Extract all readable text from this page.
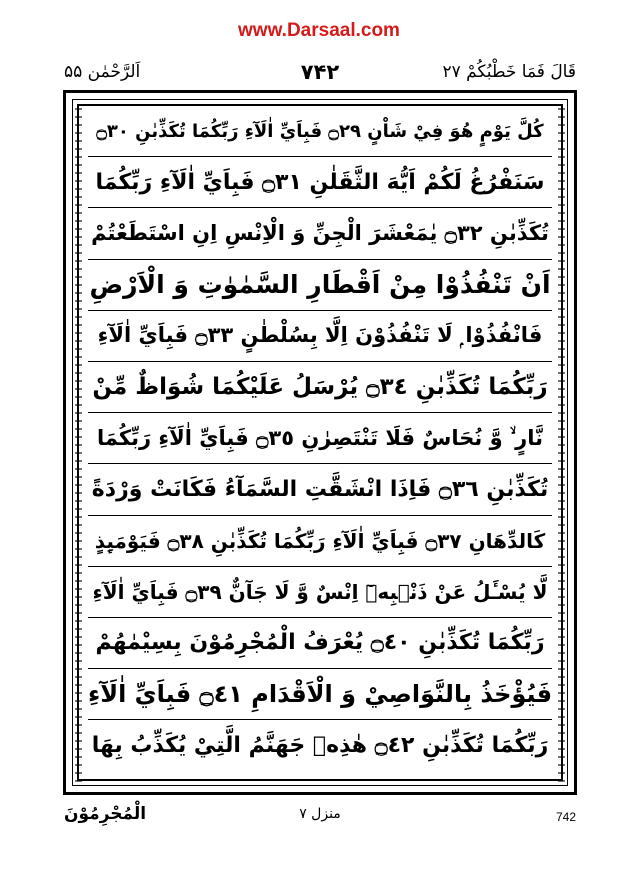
www.Darsaal.com
قَالَ فَمَا خَطْبُكُمْ ۲۷
۷۴۲
اَلرَّحْمٰن ۵۵
كُلَّ يَوْمٍ هُوَ فِيْ شَاْنٍ ۝٢٩ فَبِاَيِّ اٰلَآءِ رَبِّكُمَا تُكَذِّبٰنِ ۝٣٠
سَنَفْرُغُ لَكُمْ اَيُّهَ الثَّقَلٰنِ ۝٣١ فَبِاَيِّ اٰلَآءِ رَبِّكُمَا
تُكَذِّبٰنِ ۝٣٢ يٰمَعْشَرَ الْجِنِّ وَ الْاِنْسِ اِنِ اسْتَطَعْتُمْ
اَنْ تَنْفُذُوْا مِنْ اَقْطَارِ السَّمٰوٰتِ وَ الْاَرْضِ
فَانْفُذُوْا ۭ لَا تَنْفُذُوْنَ اِلَّا بِسُلْطٰنٍ ۝٣٣ فَبِاَيِّ اٰلَآءِ
رَبِّكُمَا تُكَذِّبٰنِ ۝٣٤ يُرْسَلُ عَلَيْكُمَا شُوَاظٌ مِّنْ
نَّارٍ ۙ وَّ نُحَاسٌ فَلَا تَنْتَصِرٰنِ ۝٣٥ فَبِاَيِّ اٰلَآءِ رَبِّكُمَا
تُكَذِّبٰنِ ۝٣٦ فَاِذَا انْشَقَّتِ السَّمَآءُ فَكَانَتْ وَرْدَةً
كَالدِّهَانِ ۝٣٧ فَبِاَيِّ اٰلَآءِ رَبِّكُمَا تُكَذِّبٰنِ ۝٣٨ فَيَوْمَىِٕذٍ
لَّا يُسْـَٔلُ عَنْ ذَنْۢبِهٖٓ اِنْسٌ وَّ لَا جَآنٌّ ۝٣٩ فَبِاَيِّ اٰلَآءِ
رَبِّكُمَا تُكَذِّبٰنِ ۝٤٠ يُعْرَفُ الْمُجْرِمُوْنَ بِسِيْمٰهُمْ
فَيُؤْخَذُ بِالنَّوَاصِيْ وَ الْاَقْدَامِ ۝٤١ فَبِاَيِّ اٰلَآءِ
رَبِّكُمَا تُكَذِّبٰنِ ۝٤٢ هٰذِهٖ جَهَنَّمُ الَّتِيْ يُكَذِّبُ بِهَا
الْمُجْرِمُوْنَ	منزل ٧	742
